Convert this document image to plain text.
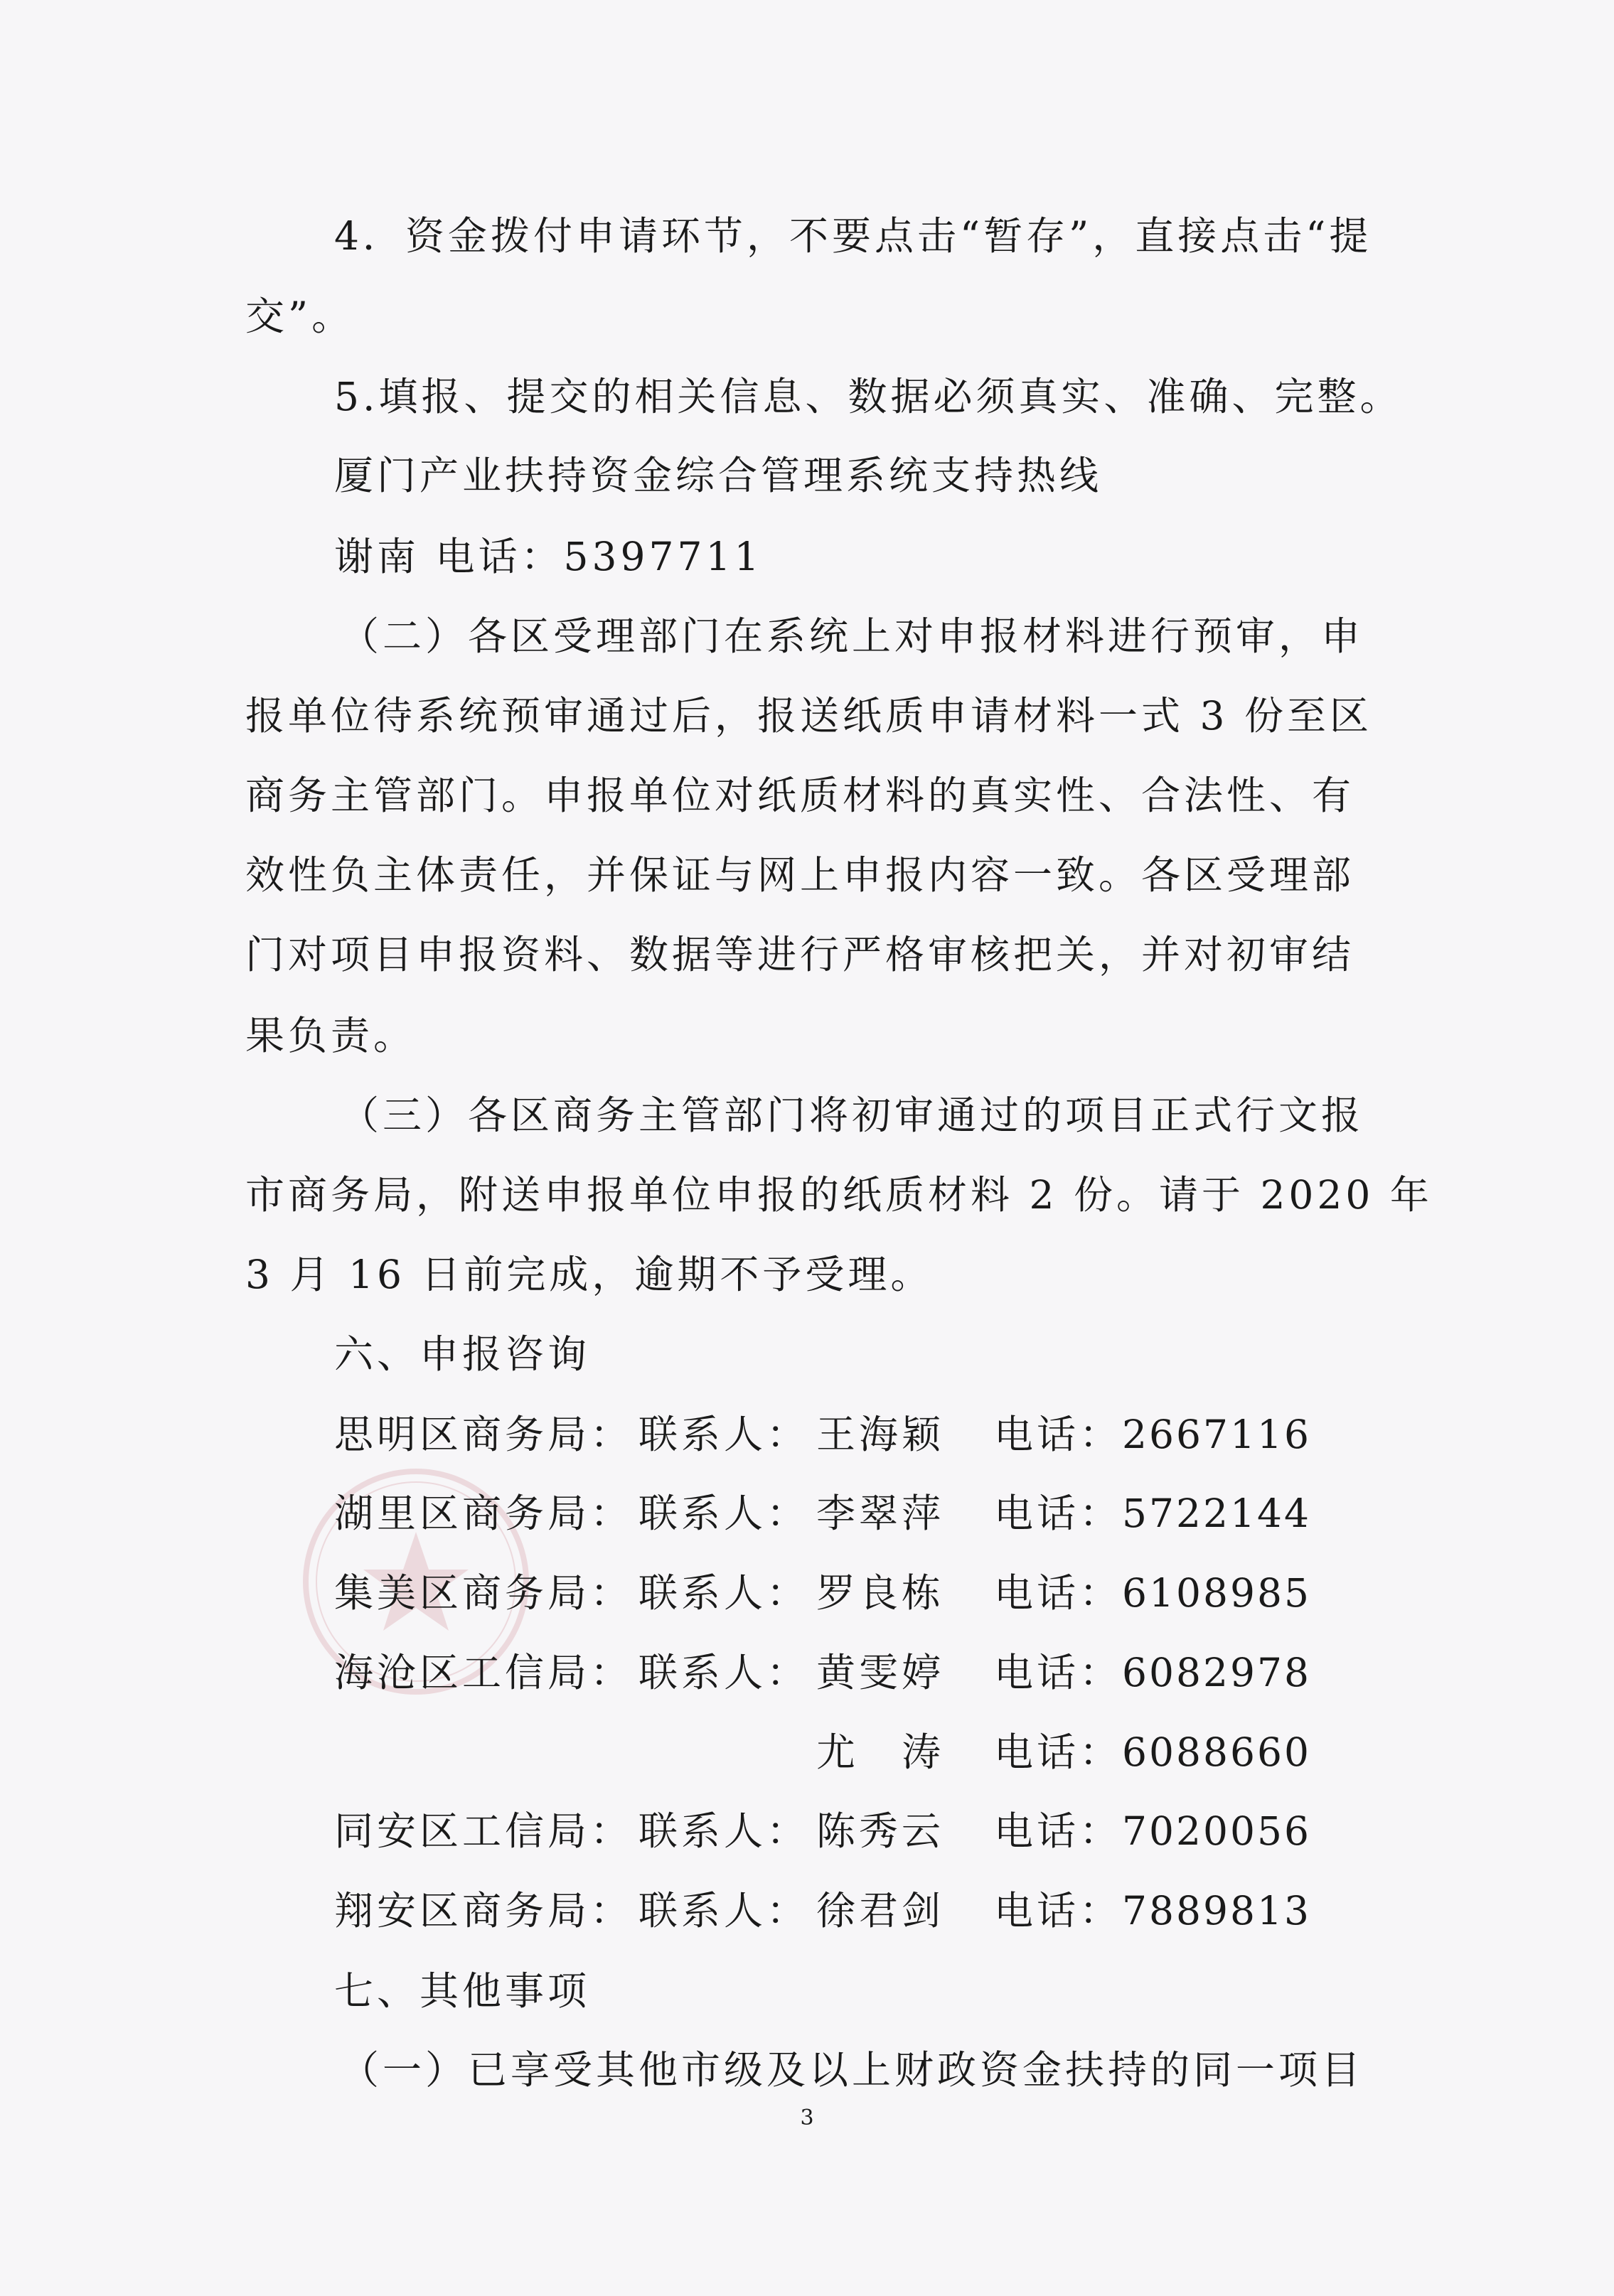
4．资金拨付申请环节，不要点击“暂存”，直接点击“提
交”。
5.填报、提交的相关信息、数据必须真实、准确、完整。
厦门产业扶持资金综合管理系统支持热线
谢南 电话：5397711
（二）各区受理部门在系统上对申报材料进行预审，申
报单位待系统预审通过后，报送纸质申请材料一式 3 份至区
商务主管部门。申报单位对纸质材料的真实性、合法性、有
效性负主体责任，并保证与网上申报内容一致。各区受理部
门对项目申报资料、数据等进行严格审核把关，并对初审结
果负责。
（三）各区商务主管部门将初审通过的项目正式行文报
市商务局，附送申报单位申报的纸质材料 2 份。请于 2020 年
3 月 16 日前完成，逾期不予受理。
六、申报咨询
思明区商务局： 联系人： 王海颖 电话： 2667116
湖里区商务局： 联系人： 李翠萍 电话： 5722144
集美区商务局： 联系人： 罗良栋 电话： 6108985
海沧区工信局： 联系人： 黄雯婷 电话： 6082978
尤　涛 电话： 6088660
同安区工信局： 联系人： 陈秀云 电话： 7020056
翔安区商务局： 联系人： 徐君剑 电话： 7889813
七、其他事项
（一）已享受其他市级及以上财政资金扶持的同一项目
3
